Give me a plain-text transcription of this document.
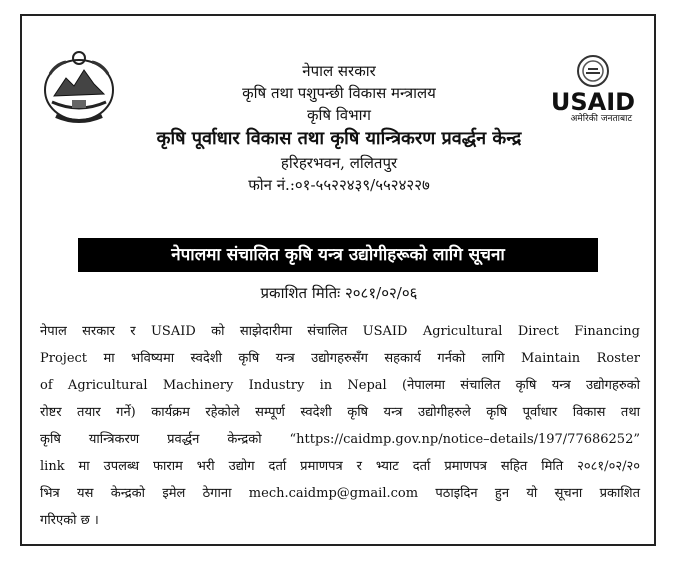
USAID
अमेरिकी जनताबाट
नेपाल सरकार
कृषि तथा पशुपन्छी विकास मन्त्रालय
कृषि विभाग
कृषि पूर्वाधार विकास तथा कृषि यान्त्रिकरण प्रवर्द्धन केन्द्र
हरिहरभवन, ललितपुर
फोन नं.:०१-५५२२४३९/५५२४२२७
नेपालमा संचालित कृषि यन्त्र उद्योगीहरूको लागि सूचना
प्रकाशित मितिः २०८१/०२/०६
नेपाल सरकार र USAID को साझेदारीमा संचालित USAID Agricultural Direct Financing
Project मा भविष्यमा स्वदेशी कृषि यन्त्र उद्योगहरुसँग सहकार्य गर्नको लागि Maintain Roster
of Agricultural Machinery Industry in Nepal (नेपालमा संचालित कृषि यन्त्र उद्योगहरुको
रोष्टर तयार गर्ने) कार्यक्रम रहेकोले सम्पूर्ण स्वदेशी कृषि यन्त्र उद्योगीहरुले कृषि पूर्वाधार विकास तथा
कृषि यान्त्रिकरण प्रवर्द्धन केन्द्रको “https://caidmp.gov.np/notice–details/197/77686252”
link मा उपलब्ध फाराम भरी उद्योग दर्ता प्रमाणपत्र र भ्याट दर्ता प्रमाणपत्र सहित मिति २०८१/०२/२०
भित्र यस केन्द्रको इमेल ठेगाना mech.caidmp@gmail.com पठाइदिन हुन यो सूचना प्रकाशित
गरिएको छ ।
